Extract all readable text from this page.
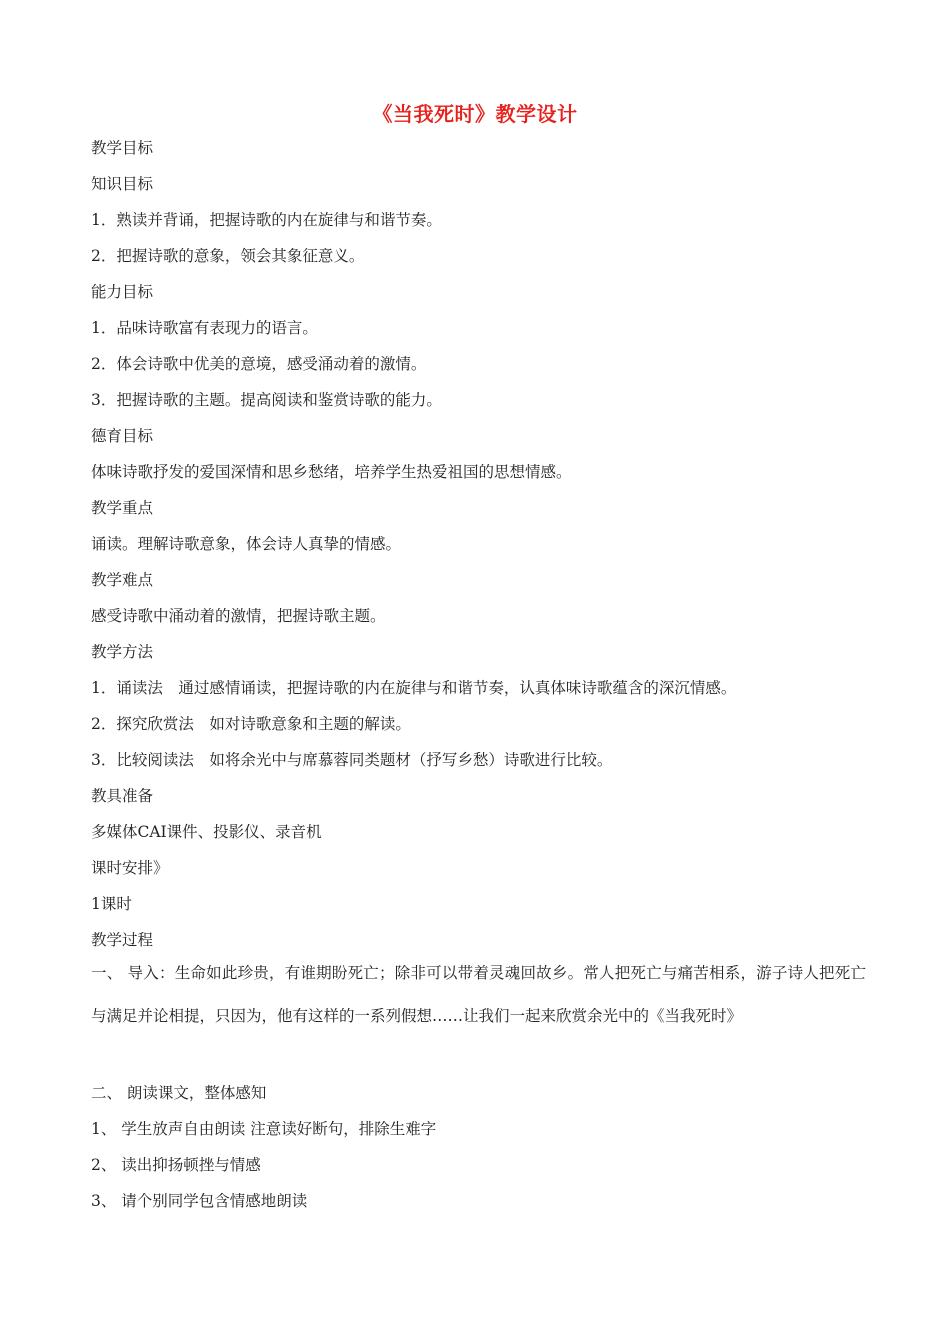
《当我死时》教学设计
教学目标
知识目标
1．熟读并背诵，把握诗歌的内在旋律与和谐节奏。
2．把握诗歌的意象，领会其象征意义。
能力目标
1．品味诗歌富有表现力的语言。
2．体会诗歌中优美的意境，感受涌动着的激情。
3．把握诗歌的主题。提高阅读和鉴赏诗歌的能力。
德育目标
体味诗歌抒发的爱国深情和思乡愁绪，培养学生热爱祖国的思想情感。
教学重点
诵读。理解诗歌意象，体会诗人真挚的情感。
教学难点
感受诗歌中涌动着的激情，把握诗歌主题。
教学方法
1．诵读法　通过感情诵读，把握诗歌的内在旋律与和谐节奏，认真体味诗歌蕴含的深沉情感。
2．探究欣赏法　如对诗歌意象和主题的解读。
3．比较阅读法　如将余光中与席慕蓉同类题材（抒写乡愁）诗歌进行比较。
教具准备
多媒体CAI课件、投影仪、录音机
课时安排》
1课时
教学过程
一、 导入：生命如此珍贵，有谁期盼死亡；除非可以带着灵魂回故乡。常人把死亡与痛苦相系，游子诗人把死亡与满足并论相提，只因为，他有这样的一系列假想……让我们一起来欣赏余光中的《当我死时》
二、 朗读课文，整体感知
1、 学生放声自由朗读 注意读好断句，排除生难字
2、 读出抑扬顿挫与情感
3、 请个别同学包含情感地朗读
